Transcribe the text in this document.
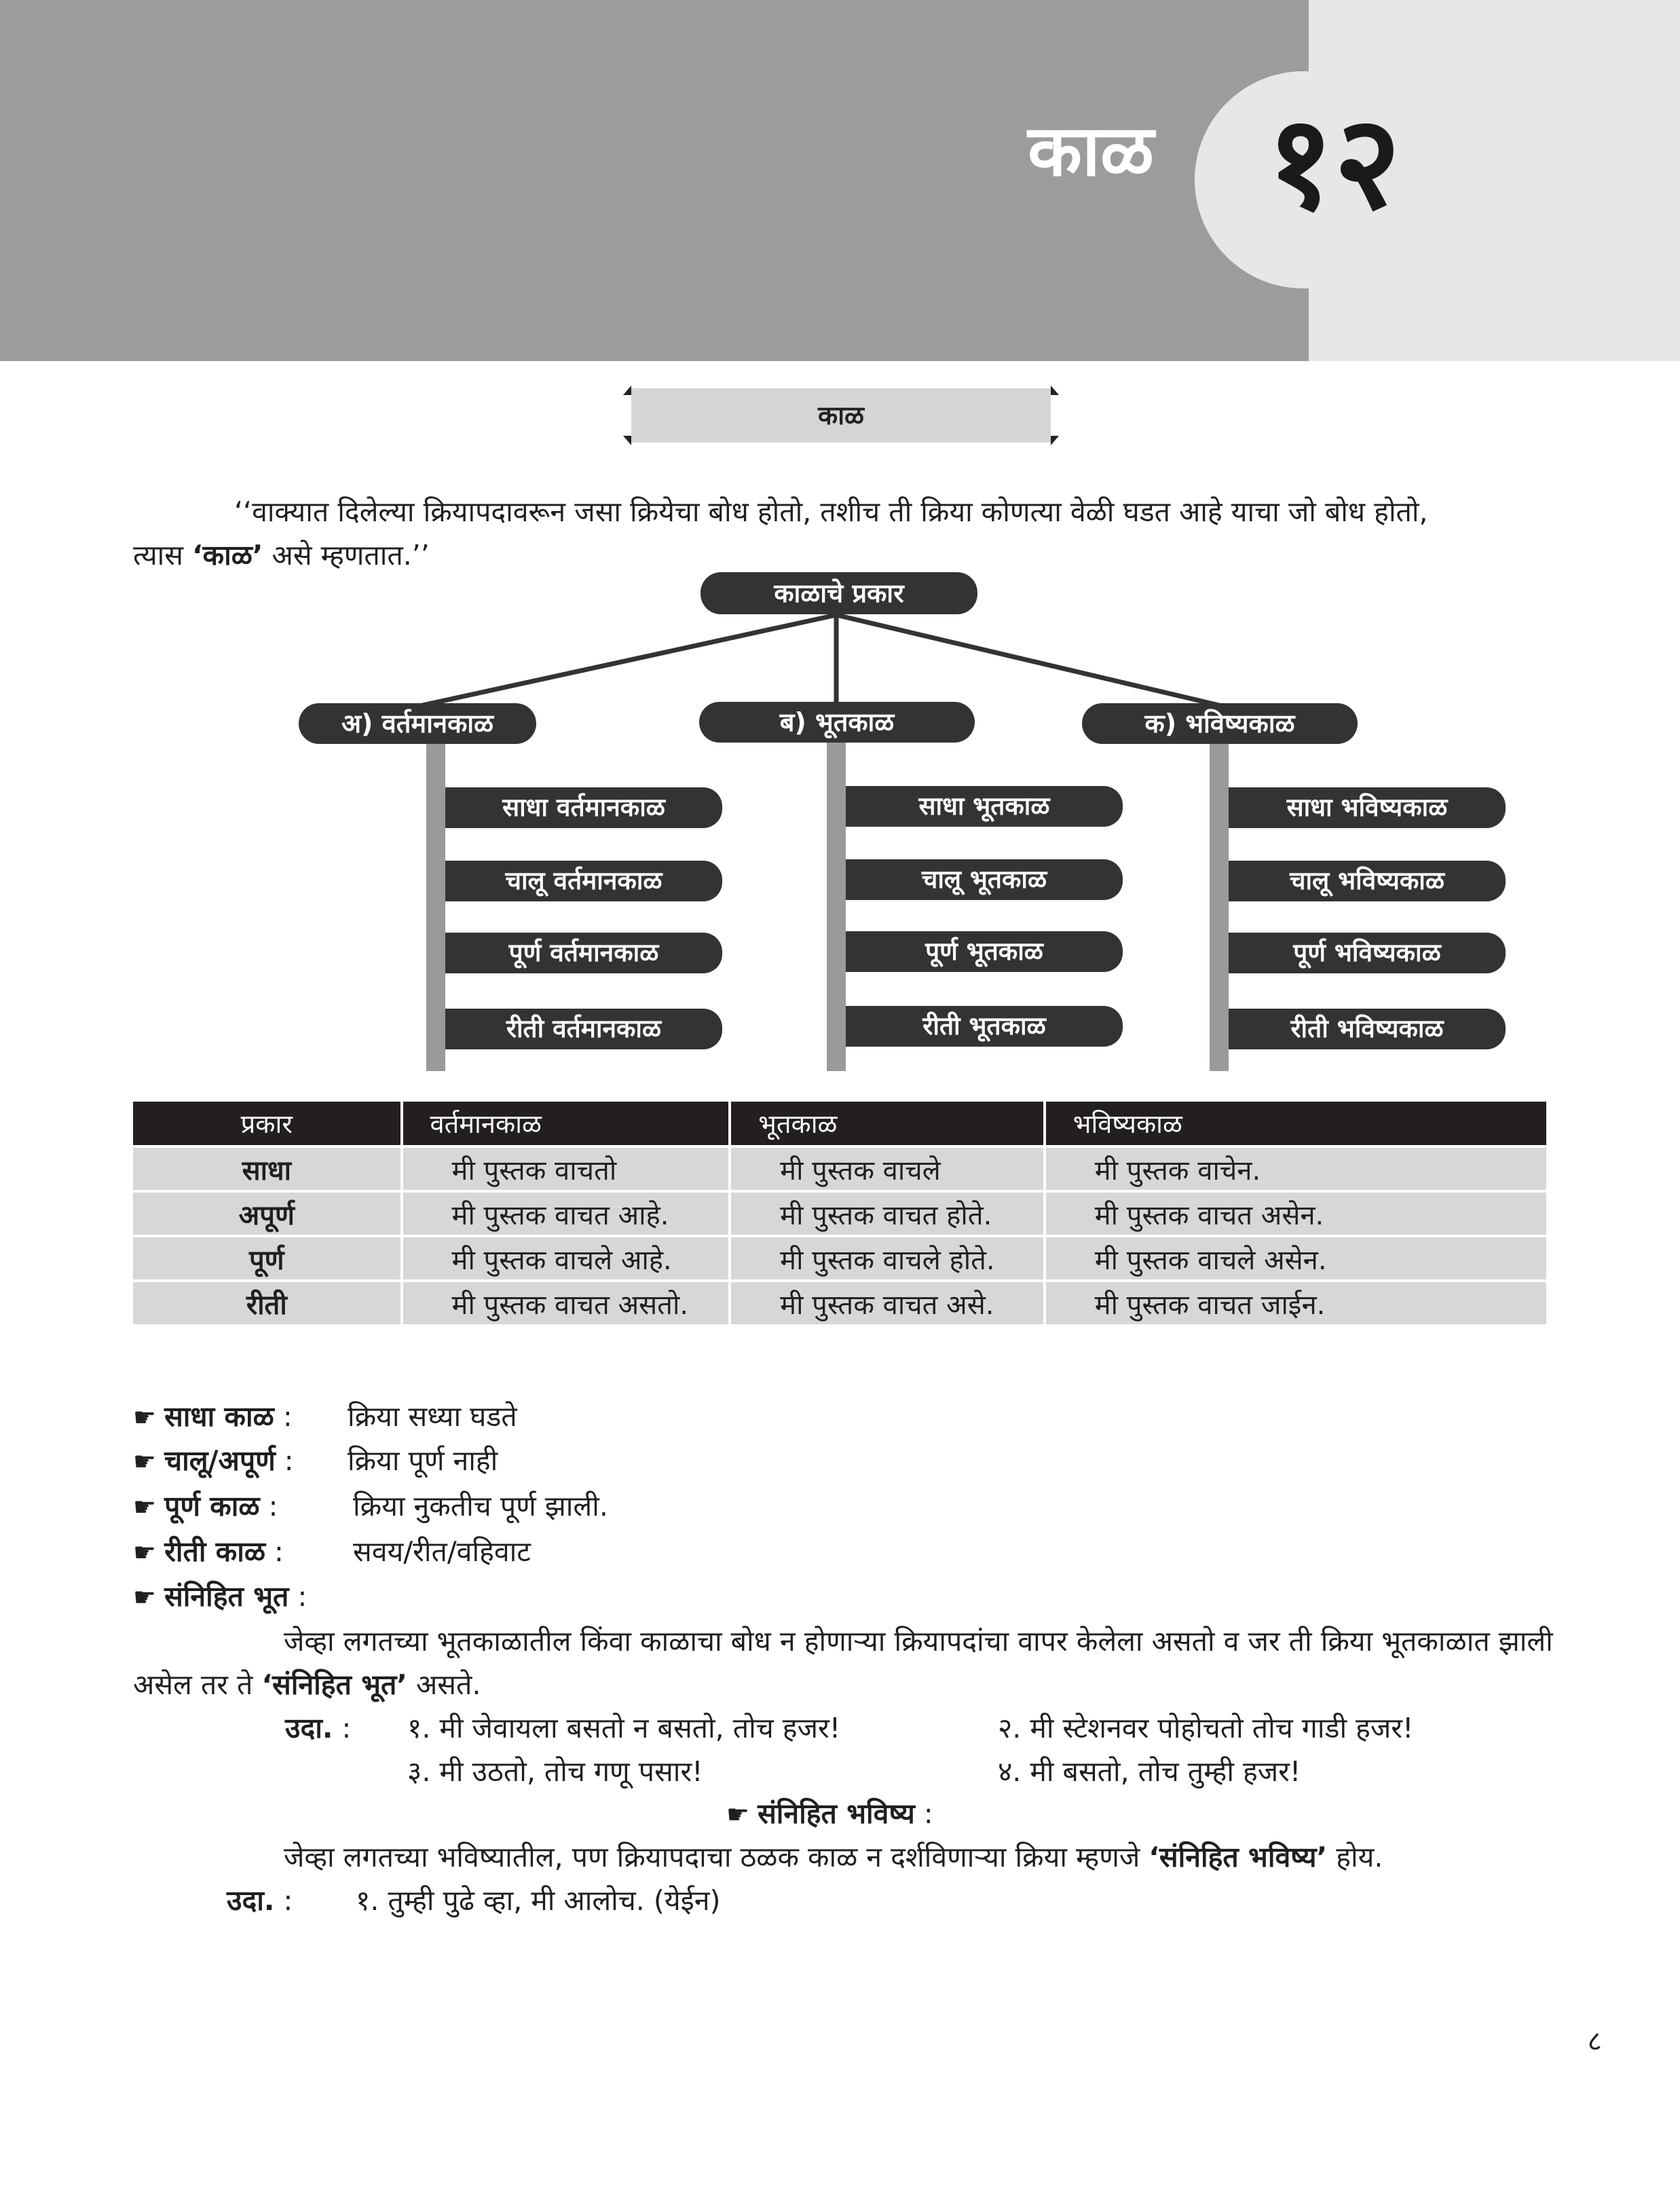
काळ १२
काळ
‘‘वाक्यात दिलेल्या क्रियापदावरून जसा क्रियेचा बोध होतो, तशीच ती क्रिया कोणत्या वेळी घडत आहे याचा जो बोध होतो,
त्यास ‘काळ’ असे म्हणतात.’’
काळाचे प्रकार
अ) वर्तमानकाळ	ब) भूतकाळ	क) भविष्यकाळ
साधा वर्तमानकाळ
चालू वर्तमानकाळ
पूर्ण वर्तमानकाळ
रीती वर्तमानकाळ
साधा भूतकाळ
चालू भूतकाळ
पूर्ण भूतकाळ
रीती भूतकाळ
साधा भविष्यकाळ
चालू भविष्यकाळ
पूर्ण भविष्यकाळ
रीती भविष्यकाळ
प्रकार	वर्तमानकाळ	भूतकाळ	भविष्यकाळ
साधा	मी पुस्तक वाचतो	मी पुस्तक वाचले	मी पुस्तक वाचेन.
अपूर्ण	मी पुस्तक वाचत आहे.	मी पुस्तक वाचत होते.	मी पुस्तक वाचत असेन.
पूर्ण	मी पुस्तक वाचले आहे.	मी पुस्तक वाचले होते.	मी पुस्तक वाचले असेन.
रीती	मी पुस्तक वाचत असतो.	मी पुस्तक वाचत असे.	मी पुस्तक वाचत जाईन.
☛ साधा काळ : क्रिया सध्या घडते
☛ चालू/अपूर्ण : क्रिया पूर्ण नाही
☛ पूर्ण काळ :	क्रिया नुकतीच पूर्ण झाली.
☛ रीती काळ : सवय/रीत/वहिवाट
☛ संनिहित भूत :
जेव्हा लगतच्या भूतकाळातील किंवा काळाचा बोध न होणाऱ्या क्रियापदांचा वापर केलेला असतो व जर ती क्रिया भूतकाळात झाली
असेल तर ते ‘संनिहित भूत’ असते.
उदा. : १. मी जेवायला बसतो न बसतो, तोच हजर!	२. मी स्टेशनवर पोहोचतो तोच गाडी हजर!
३. मी उठतो, तोच गणू पसार!	४. मी बसतो, तोच तुम्ही हजर!
☛ संनिहित भविष्य :
जेव्हा लगतच्या भविष्यातील, पण क्रियापदाचा ठळक काळ न दर्शविणाऱ्या क्रिया म्हणजे ‘संनिहित भविष्य’ होय.
उदा. : १. तुम्ही पुढे व्हा, मी आलोच. (येईन)
८
